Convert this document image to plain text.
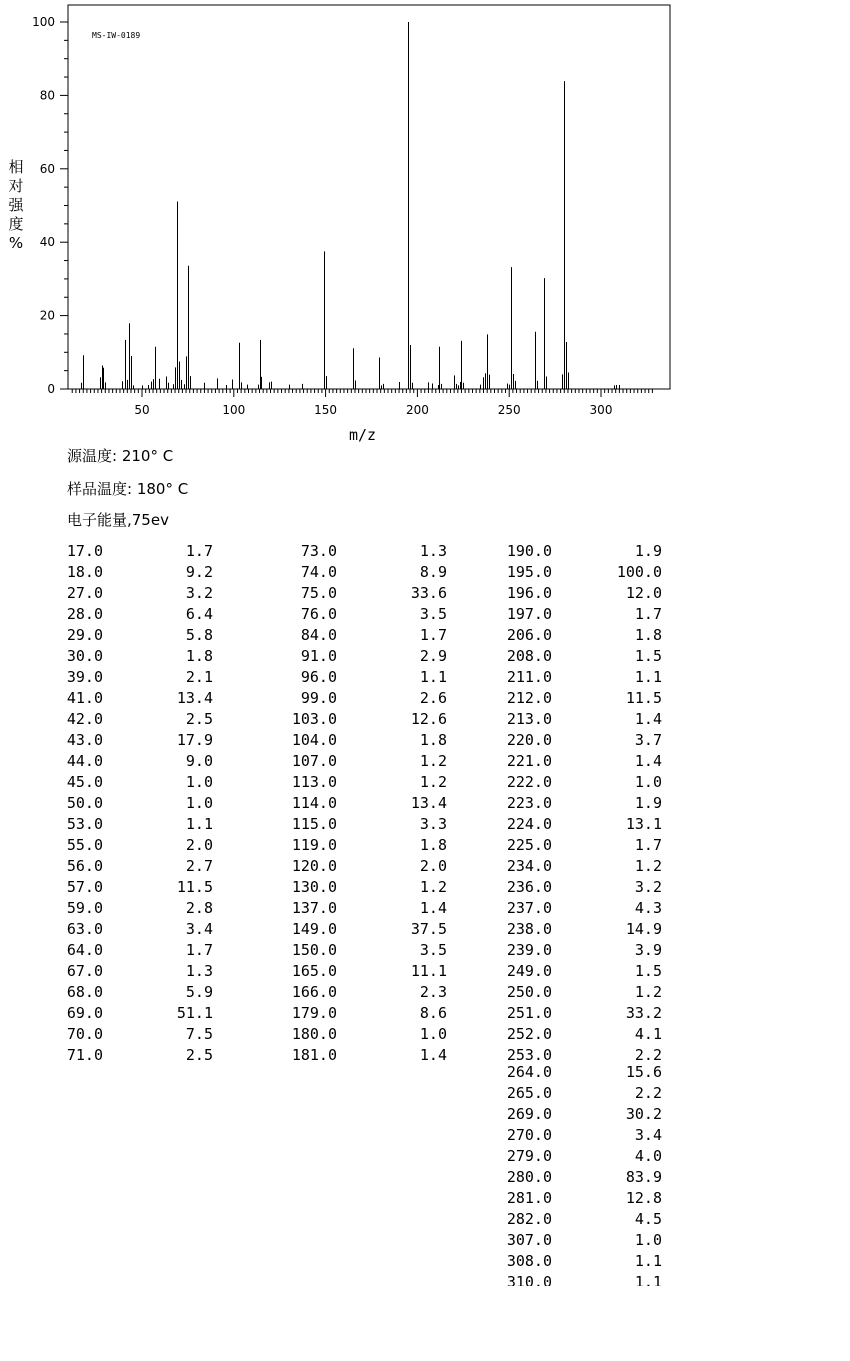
MS-IW-0189
0
20
40
60
80
100
50	100	150	200	250	300
相
对
强
度
%
m/z
源温度: 210° C
样品温度: 180° C
电子能量,75ev
17.0	1.7
18.0	9.2
27.0	3.2
28.0	6.4
29.0	5.8
30.0	1.8
39.0	2.1
41.0	13.4
42.0	2.5
43.0	17.9
44.0	9.0
45.0	1.0
50.0	1.0
53.0	1.1
55.0	2.0
56.0	2.7
57.0	11.5
59.0	2.8
63.0	3.4
64.0	1.7
67.0	1.3
68.0	5.9
69.0	51.1
70.0	7.5
71.0	2.5
73.0	1.3
74.0	8.9
75.0	33.6
76.0	3.5
84.0	1.7
91.0	2.9
96.0	1.1
99.0	2.6
103.0	12.6
104.0	1.8
107.0	1.2
113.0	1.2
114.0	13.4
115.0	3.3
119.0	1.8
120.0	2.0
130.0	1.2
137.0	1.4
149.0	37.5
150.0	3.5
165.0	11.1
166.0	2.3
179.0	8.6
180.0	1.0
181.0	1.4
190.0	1.9
195.0	100.0
196.0	12.0
197.0	1.7
206.0	1.8
208.0	1.5
211.0	1.1
212.0	11.5
213.0	1.4
220.0	3.7
221.0	1.4
222.0	1.0
223.0	1.9
224.0	13.1
225.0	1.7
234.0	1.2
236.0	3.2
237.0	4.3
238.0	14.9
239.0	3.9
249.0	1.5
250.0	1.2
251.0	33.2
252.0	4.1
253.0	2.2
264.0	15.6
265.0	2.2
269.0	30.2
270.0	3.4
279.0	4.0
280.0	83.9
281.0	12.8
282.0	4.5
307.0	1.0
308.0	1.1
310.0	1.1
